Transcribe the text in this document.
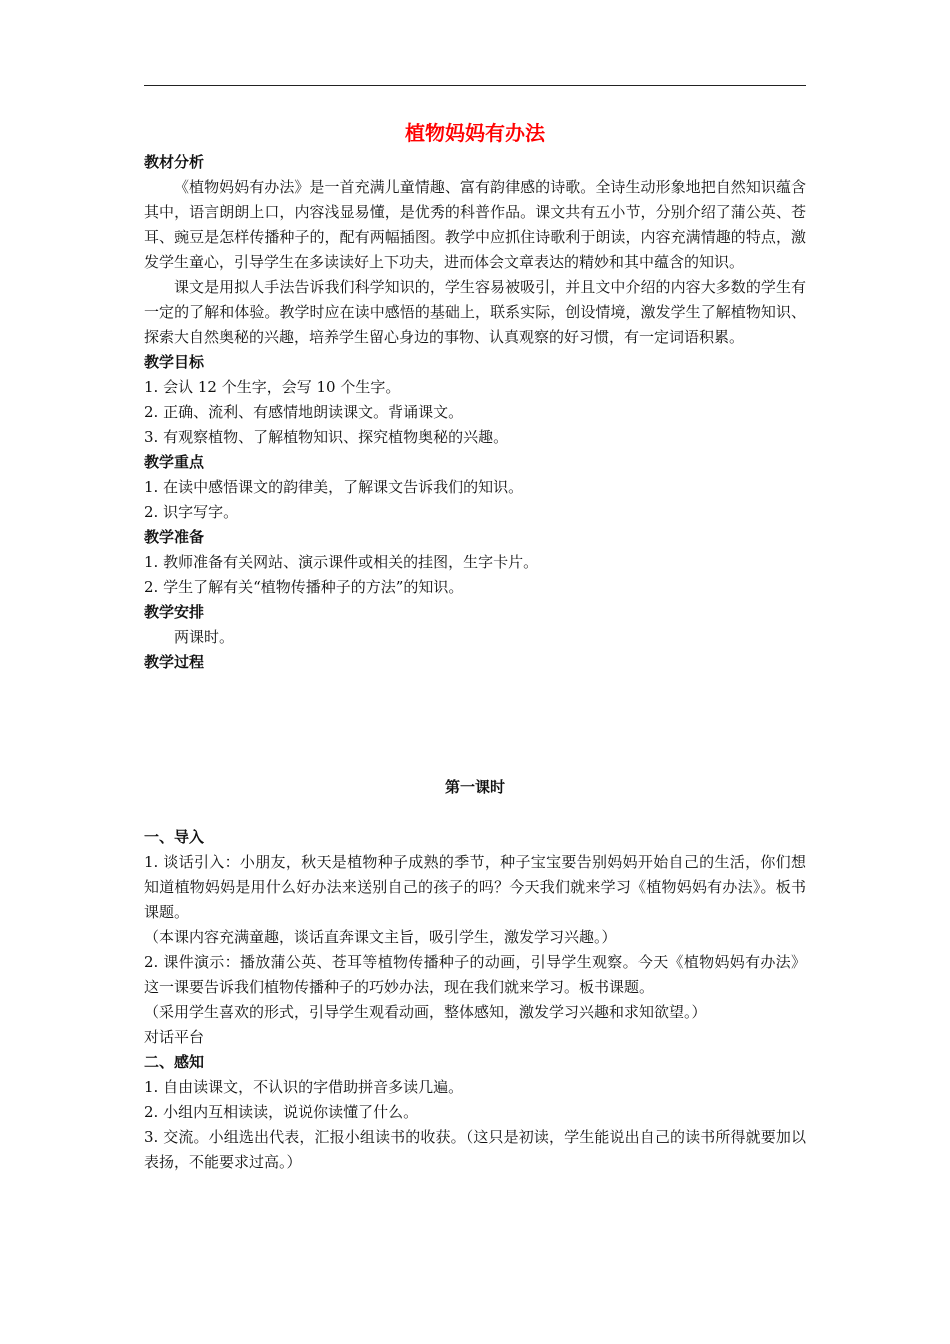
植物妈妈有办法

教材分析

《植物妈妈有办法》是一首充满儿童情趣、富有韵律感的诗歌。全诗生动形象地把自然知识蕴含其中，语言朗朗上口，内容浅显易懂，是优秀的科普作品。课文共有五小节，分别介绍了蒲公英、苍耳、豌豆是怎样传播种子的，配有两幅插图。教学中应抓住诗歌利于朗读，内容充满情趣的特点，激发学生童心，引导学生在多读读好上下功夫，进而体会文章表达的精妙和其中蕴含的知识。

课文是用拟人手法告诉我们科学知识的，学生容易被吸引，并且文中介绍的内容大多数的学生有一定的了解和体验。教学时应在读中感悟的基础上，联系实际，创设情境，激发学生了解植物知识、探索大自然奥秘的兴趣，培养学生留心身边的事物、认真观察的好习惯，有一定词语积累。

教学目标

1. 会认 12 个生字，会写 10 个生字。

2. 正确、流利、有感情地朗读课文。背诵课文。

3. 有观察植物、了解植物知识、探究植物奥秘的兴趣。

教学重点

1. 在读中感悟课文的韵律美，了解课文告诉我们的知识。

2. 识字写字。

教学准备

1. 教师准备有关网站、演示课件或相关的挂图，生字卡片。

2. 学生了解有关“植物传播种子的方法”的知识。

教学安排

两课时。

教学过程

第一课时

一、导入

1. 谈话引入：小朋友，秋天是植物种子成熟的季节，种子宝宝要告别妈妈开始自己的生活，你们想知道植物妈妈是用什么好办法来送别自己的孩子的吗？今天我们就来学习《植物妈妈有办法》。板书课题。

（本课内容充满童趣，谈话直奔课文主旨，吸引学生，激发学习兴趣。）

2. 课件演示：播放蒲公英、苍耳等植物传播种子的动画，引导学生观察。今天《植物妈妈有办法》这一课要告诉我们植物传播种子的巧妙办法，现在我们就来学习。板书课题。

（采用学生喜欢的形式，引导学生观看动画，整体感知，激发学习兴趣和求知欲望。）

对话平台

二、感知

1. 自由读课文，不认识的字借助拼音多读几遍。

2. 小组内互相读读，说说你读懂了什么。

3. 交流。小组选出代表，汇报小组读书的收获。（这只是初读，学生能说出自己的读书所得就要加以表扬，不能要求过高。）
